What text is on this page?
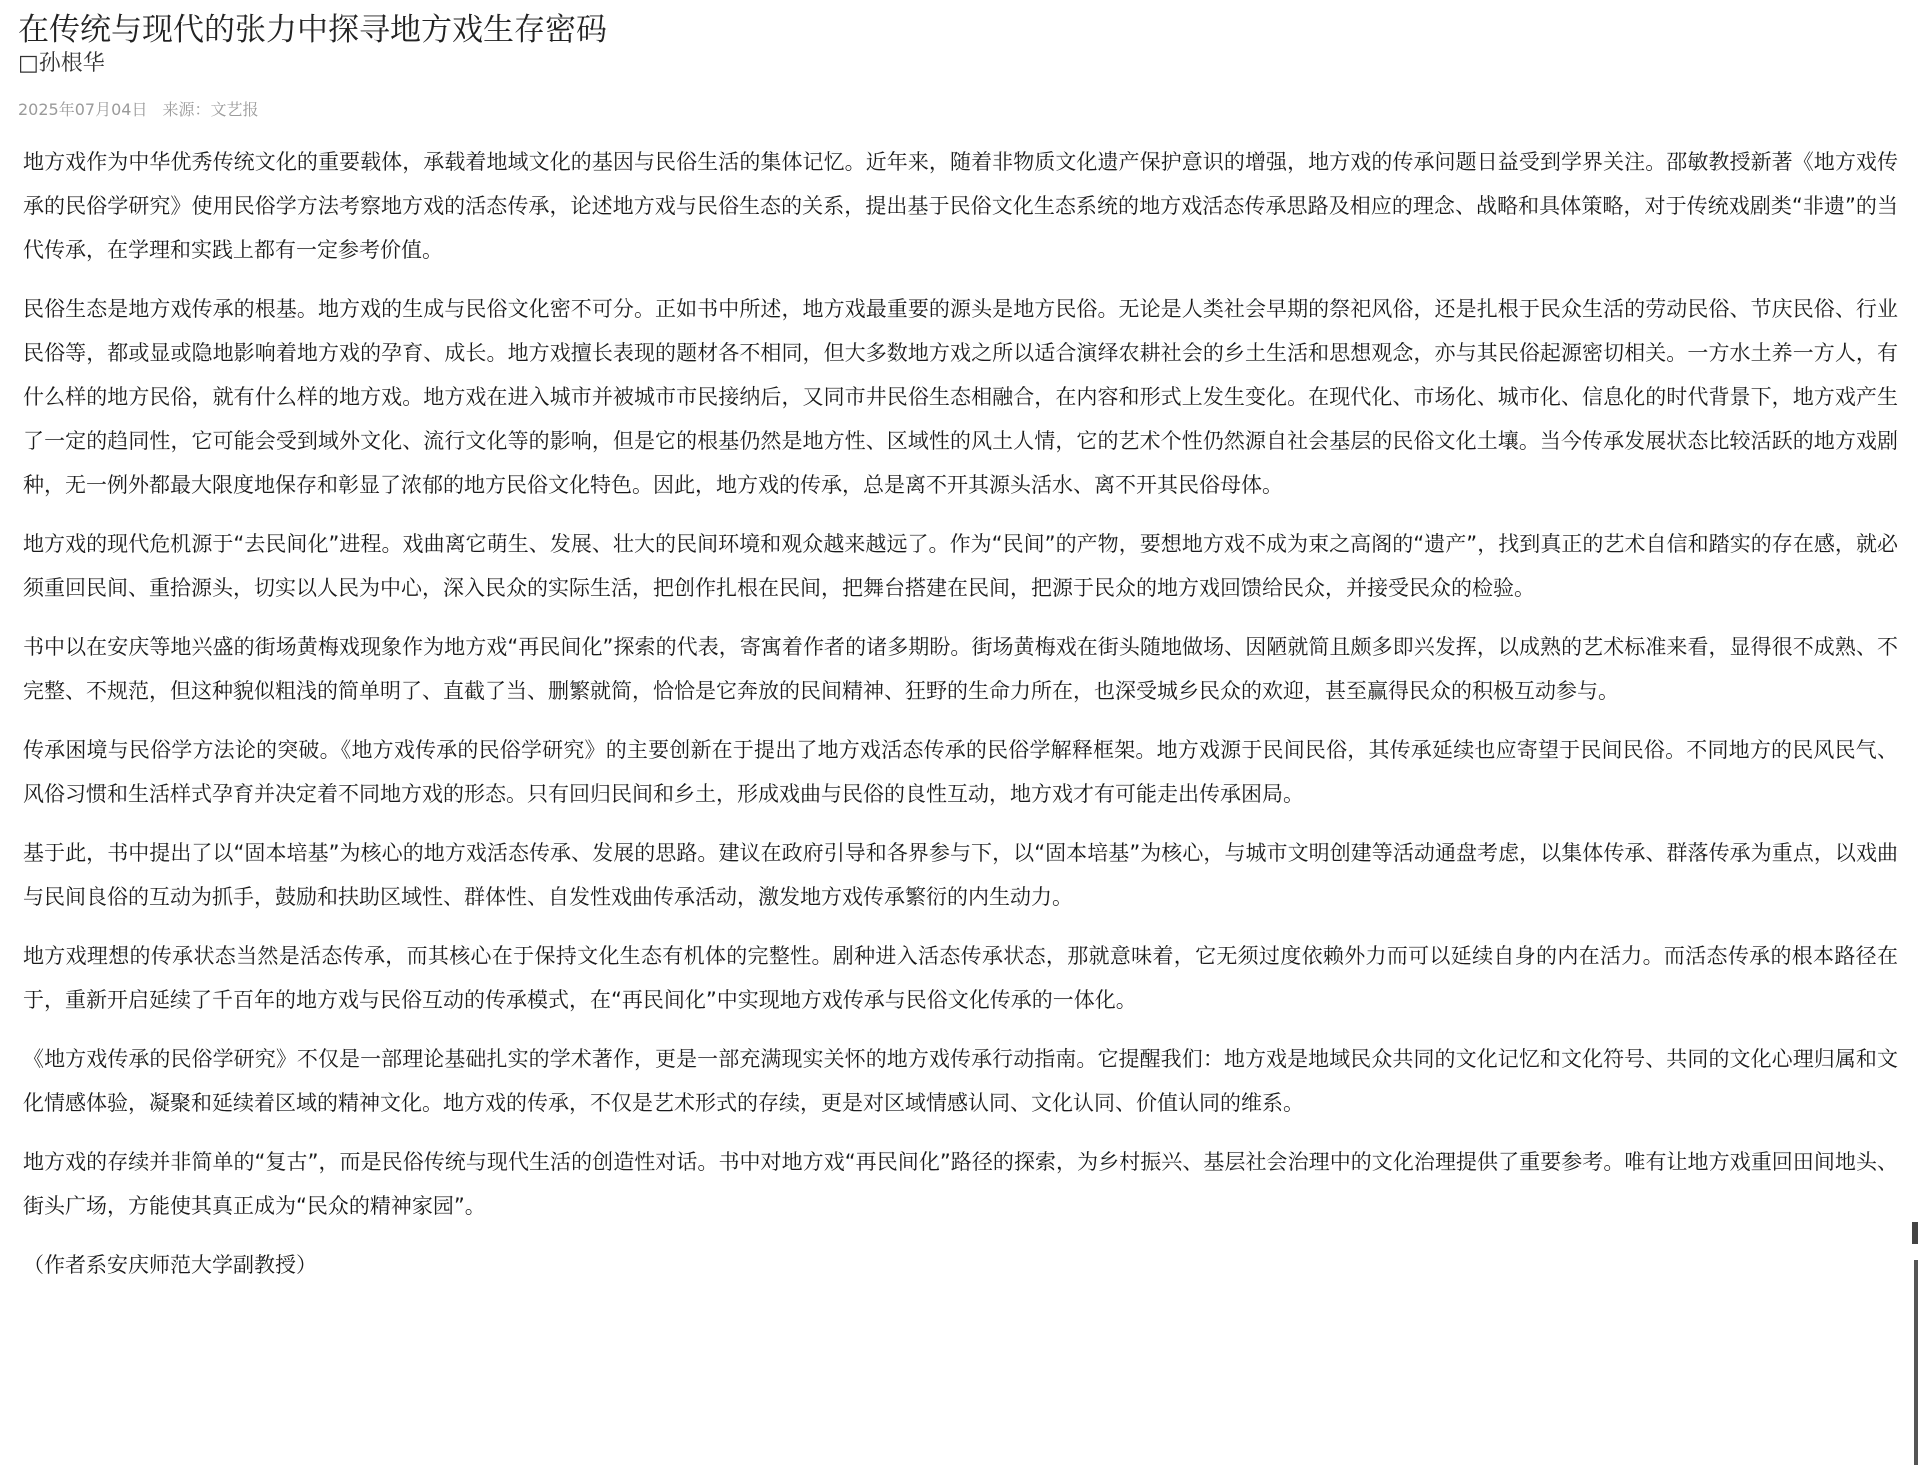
在传统与现代的张力中探寻地方戏生存密码
□孙根华
2025年07月04日 来源：文艺报

地方戏作为中华优秀传统文化的重要载体，承载着地域文化的基因与民俗生活的集体记忆。近年来，随着非物质文化遗产保护意识的增强，地方戏的传承问题日益受到学界关注。邵敏教授新著《地方戏传承的民俗学研究》使用民俗学方法考察地方戏的活态传承，论述地方戏与民俗生态的关系，提出基于民俗文化生态系统的地方戏活态传承思路及相应的理念、战略和具体策略，对于传统戏剧类“非遗”的当代传承，在学理和实践上都有一定参考价值。

民俗生态是地方戏传承的根基。地方戏的生成与民俗文化密不可分。正如书中所述，地方戏最重要的源头是地方民俗。无论是人类社会早期的祭祀风俗，还是扎根于民众生活的劳动民俗、节庆民俗、行业民俗等，都或显或隐地影响着地方戏的孕育、成长。地方戏擅长表现的题材各不相同，但大多数地方戏之所以适合演绎农耕社会的乡土生活和思想观念，亦与其民俗起源密切相关。一方水土养一方人，有什么样的地方民俗，就有什么样的地方戏。地方戏在进入城市并被城市市民接纳后，又同市井民俗生态相融合，在内容和形式上发生变化。在现代化、市场化、城市化、信息化的时代背景下，地方戏产生了一定的趋同性，它可能会受到域外文化、流行文化等的影响，但是它的根基仍然是地方性、区域性的风土人情，它的艺术个性仍然源自社会基层的民俗文化土壤。当今传承发展状态比较活跃的地方戏剧种，无一例外都最大限度地保存和彰显了浓郁的地方民俗文化特色。因此，地方戏的传承，总是离不开其源头活水、离不开其民俗母体。

地方戏的现代危机源于“去民间化”进程。戏曲离它萌生、发展、壮大的民间环境和观众越来越远了。作为“民间”的产物，要想地方戏不成为束之高阁的“遗产”，找到真正的艺术自信和踏实的存在感，就必须重回民间、重拾源头，切实以人民为中心，深入民众的实际生活，把创作扎根在民间，把舞台搭建在民间，把源于民众的地方戏回馈给民众，并接受民众的检验。

书中以在安庆等地兴盛的街场黄梅戏现象作为地方戏“再民间化”探索的代表，寄寓着作者的诸多期盼。街场黄梅戏在街头随地做场、因陋就简且颇多即兴发挥，以成熟的艺术标准来看，显得很不成熟、不完整、不规范，但这种貌似粗浅的简单明了、直截了当、删繁就简，恰恰是它奔放的民间精神、狂野的生命力所在，也深受城乡民众的欢迎，甚至赢得民众的积极互动参与。

传承困境与民俗学方法论的突破。《地方戏传承的民俗学研究》的主要创新在于提出了地方戏活态传承的民俗学解释框架。地方戏源于民间民俗，其传承延续也应寄望于民间民俗。不同地方的民风民气、风俗习惯和生活样式孕育并决定着不同地方戏的形态。只有回归民间和乡土，形成戏曲与民俗的良性互动，地方戏才有可能走出传承困局。

基于此，书中提出了以“固本培基”为核心的地方戏活态传承、发展的思路。建议在政府引导和各界参与下，以“固本培基”为核心，与城市文明创建等活动通盘考虑，以集体传承、群落传承为重点，以戏曲与民间良俗的互动为抓手，鼓励和扶助区域性、群体性、自发性戏曲传承活动，激发地方戏传承繁衍的内生动力。

地方戏理想的传承状态当然是活态传承，而其核心在于保持文化生态有机体的完整性。剧种进入活态传承状态，那就意味着，它无须过度依赖外力而可以延续自身的内在活力。而活态传承的根本路径在于，重新开启延续了千百年的地方戏与民俗互动的传承模式，在“再民间化”中实现地方戏传承与民俗文化传承的一体化。

《地方戏传承的民俗学研究》不仅是一部理论基础扎实的学术著作，更是一部充满现实关怀的地方戏传承行动指南。它提醒我们：地方戏是地域民众共同的文化记忆和文化符号、共同的文化心理归属和文化情感体验，凝聚和延续着区域的精神文化。地方戏的传承，不仅是艺术形式的存续，更是对区域情感认同、文化认同、价值认同的维系。

地方戏的存续并非简单的“复古”，而是民俗传统与现代生活的创造性对话。书中对地方戏“再民间化”路径的探索，为乡村振兴、基层社会治理中的文化治理提供了重要参考。唯有让地方戏重回田间地头、街头广场，方能使其真正成为“民众的精神家园”。

（作者系安庆师范大学副教授）
